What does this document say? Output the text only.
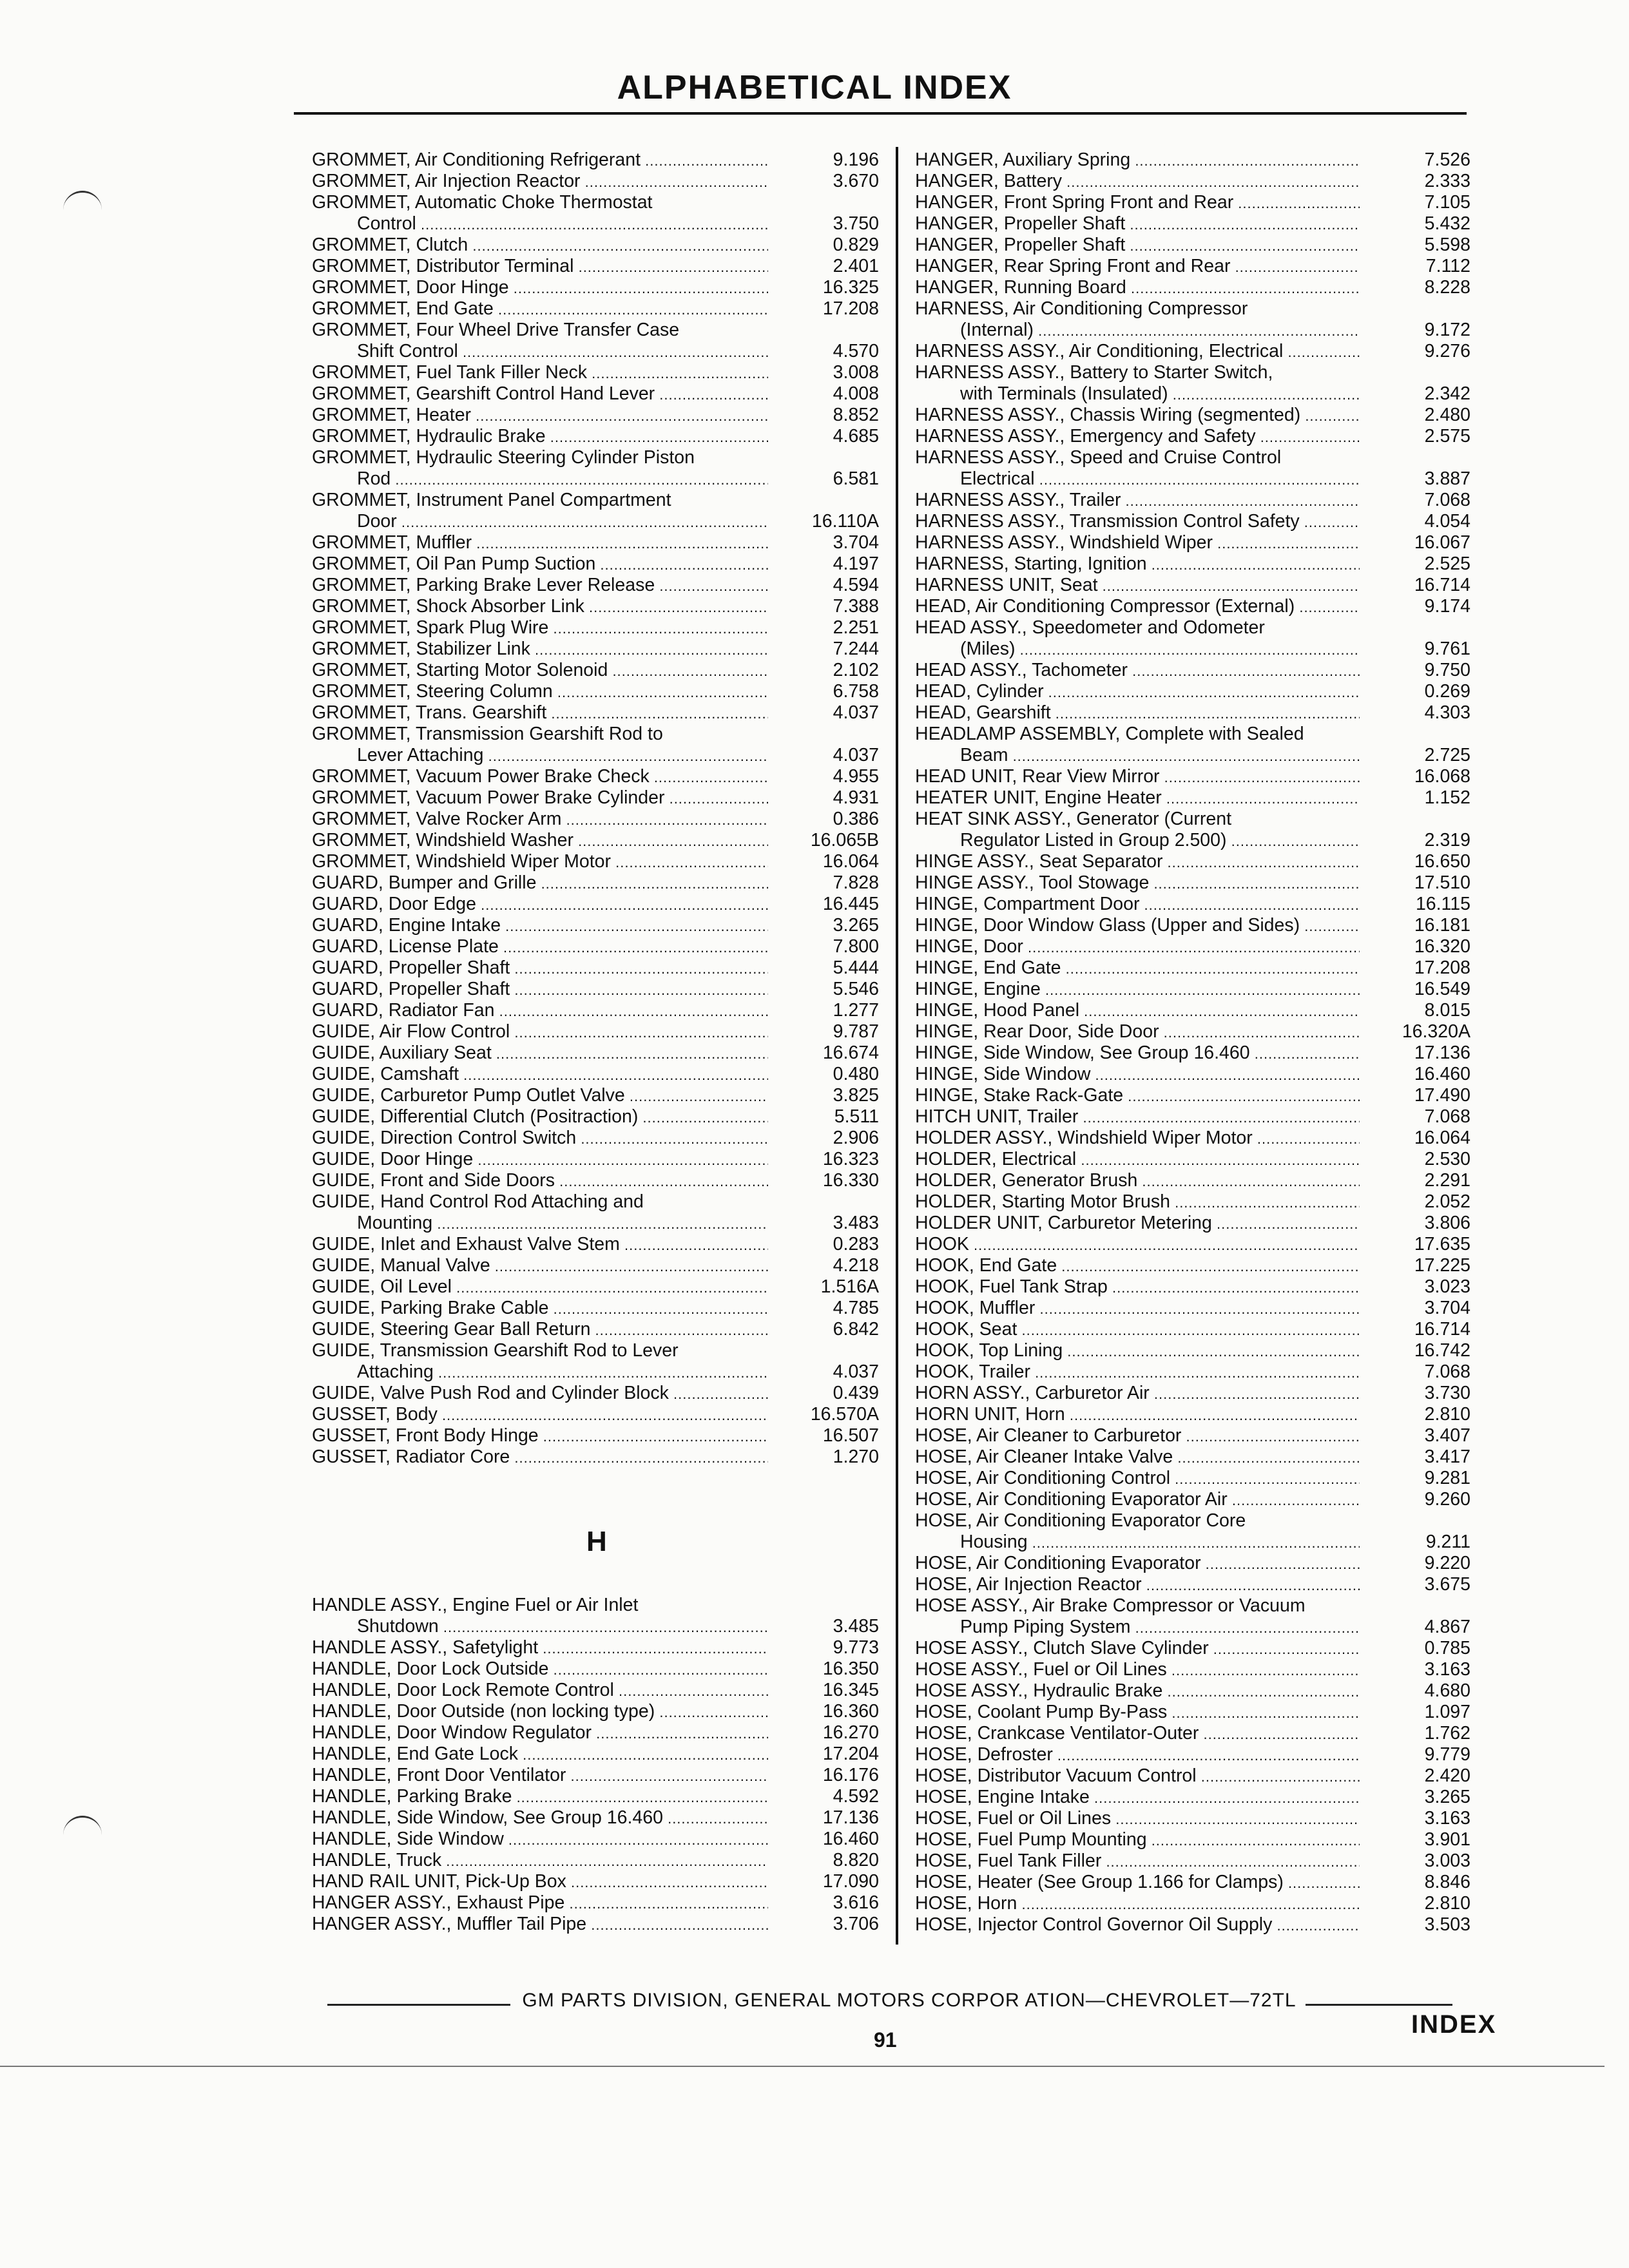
ALPHABETICAL INDEX
GROMMET, Air Conditioning Refrigerant .....	9.196
GROMMET, Air Injection Reactor .....	3.670
GROMMET, Automatic Choke Thermostat
Control .....	3.750
GROMMET, Clutch .....	0.829
GROMMET, Distributor Terminal .....	2.401
GROMMET, Door Hinge .....	16.325
GROMMET, End Gate .....	17.208
GROMMET, Four Wheel Drive Transfer Case
Shift Control .....	4.570
GROMMET, Fuel Tank Filler Neck .....	3.008
GROMMET, Gearshift Control Hand Lever .....	4.008
GROMMET, Heater .....	8.852
GROMMET, Hydraulic Brake .....	4.685
GROMMET, Hydraulic Steering Cylinder Piston
Rod .....	6.581
GROMMET, Instrument Panel Compartment
Door .....	16.110A
GROMMET, Muffler .....	3.704
GROMMET, Oil Pan Pump Suction .....	4.197
GROMMET, Parking Brake Lever Release .....	4.594
GROMMET, Shock Absorber Link .....	7.388
GROMMET, Spark Plug Wire .....	2.251
GROMMET, Stabilizer Link .....	7.244
GROMMET, Starting Motor Solenoid .....	2.102
GROMMET, Steering Column .....	6.758
GROMMET, Trans. Gearshift .....	4.037
GROMMET, Transmission Gearshift Rod to
Lever Attaching .....	4.037
GROMMET, Vacuum Power Brake Check .....	4.955
GROMMET, Vacuum Power Brake Cylinder .....	4.931
GROMMET, Valve Rocker Arm .....	0.386
GROMMET, Windshield Washer .....	16.065B
GROMMET, Windshield Wiper Motor .....	16.064
GUARD, Bumper and Grille .....	7.828
GUARD, Door Edge .....	16.445
GUARD, Engine Intake .....	3.265
GUARD, License Plate .....	7.800
GUARD, Propeller Shaft .....	5.444
GUARD, Propeller Shaft .....	5.546
GUARD, Radiator Fan .....	1.277
GUIDE, Air Flow Control .....	9.787
GUIDE, Auxiliary Seat .....	16.674
GUIDE, Camshaft .....	0.480
GUIDE, Carburetor Pump Outlet Valve .....	3.825
GUIDE, Differential Clutch (Positraction) .....	5.511
GUIDE, Direction Control Switch .....	2.906
GUIDE, Door Hinge .....	16.323
GUIDE, Front and Side Doors .....	16.330
GUIDE, Hand Control Rod Attaching and
Mounting .....	3.483
GUIDE, Inlet and Exhaust Valve Stem .....	0.283
GUIDE, Manual Valve .....	4.218
GUIDE, Oil Level .....	1.516A
GUIDE, Parking Brake Cable .....	4.785
GUIDE, Steering Gear Ball Return .....	6.842
GUIDE, Transmission Gearshift Rod to Lever
Attaching .....	4.037
GUIDE, Valve Push Rod and Cylinder Block .....	0.439
GUSSET, Body .....	16.570A
GUSSET, Front Body Hinge .....	16.507
GUSSET, Radiator Core .....	1.270
H
HANDLE ASSY., Engine Fuel or Air Inlet
Shutdown .....	3.485
HANDLE ASSY., Safetylight .....	9.773
HANDLE, Door Lock Outside .....	16.350
HANDLE, Door Lock Remote Control .....	16.345
HANDLE, Door Outside (non locking type) .....	16.360
HANDLE, Door Window Regulator .....	16.270
HANDLE, End Gate Lock .....	17.204
HANDLE, Front Door Ventilator .....	16.176
HANDLE, Parking Brake .....	4.592
HANDLE, Side Window, See Group 16.460 .....	17.136
HANDLE, Side Window .....	16.460
HANDLE, Truck .....	8.820
HAND RAIL UNIT, Pick-Up Box .....	17.090
HANGER ASSY., Exhaust Pipe .....	3.616
HANGER ASSY., Muffler Tail Pipe .....	3.706
HANGER, Auxiliary Spring .....	7.526
HANGER, Battery .....	2.333
HANGER, Front Spring Front and Rear .....	7.105
HANGER, Propeller Shaft .....	5.432
HANGER, Propeller Shaft .....	5.598
HANGER, Rear Spring Front and Rear .....	7.112
HANGER, Running Board .....	8.228
HARNESS, Air Conditioning Compressor
(Internal) .....	9.172
HARNESS ASSY., Air Conditioning, Electrical .....	9.276
HARNESS ASSY., Battery to Starter Switch,
with Terminals (Insulated) .....	2.342
HARNESS ASSY., Chassis Wiring (segmented) .....	2.480
HARNESS ASSY., Emergency and Safety .....	2.575
HARNESS ASSY., Speed and Cruise Control
Electrical .....	3.887
HARNESS ASSY., Trailer .....	7.068
HARNESS ASSY., Transmission Control Safety .....	4.054
HARNESS ASSY., Windshield Wiper .....	16.067
HARNESS, Starting, Ignition .....	2.525
HARNESS UNIT, Seat .....	16.714
HEAD, Air Conditioning Compressor (External) .....	9.174
HEAD ASSY., Speedometer and Odometer
(Miles) .....	9.761
HEAD ASSY., Tachometer .....	9.750
HEAD, Cylinder .....	0.269
HEAD, Gearshift .....	4.303
HEADLAMP ASSEMBLY, Complete with Sealed
Beam .....	2.725
HEAD UNIT, Rear View Mirror .....	16.068
HEATER UNIT, Engine Heater .....	1.152
HEAT SINK ASSY., Generator (Current
Regulator Listed in Group 2.500) .....	2.319
HINGE ASSY., Seat Separator .....	16.650
HINGE ASSY., Tool Stowage .....	17.510
HINGE, Compartment Door .....	16.115
HINGE, Door Window Glass (Upper and Sides) .....	16.181
HINGE, Door .....	16.320
HINGE, End Gate .....	17.208
HINGE, Engine .....	16.549
HINGE, Hood Panel .....	8.015
HINGE, Rear Door, Side Door .....	16.320A
HINGE, Side Window, See Group 16.460 .....	17.136
HINGE, Side Window .....	16.460
HINGE, Stake Rack-Gate .....	17.490
HITCH UNIT, Trailer .....	7.068
HOLDER ASSY., Windshield Wiper Motor .....	16.064
HOLDER, Electrical .....	2.530
HOLDER, Generator Brush .....	2.291
HOLDER, Starting Motor Brush .....	2.052
HOLDER UNIT, Carburetor Metering .....	3.806
HOOK .....	17.635
HOOK, End Gate .....	17.225
HOOK, Fuel Tank Strap .....	3.023
HOOK, Muffler .....	3.704
HOOK, Seat .....	16.714
HOOK, Top Lining .....	16.742
HOOK, Trailer .....	7.068
HORN ASSY., Carburetor Air .....	3.730
HORN UNIT, Horn .....	2.810
HOSE, Air Cleaner to Carburetor .....	3.407
HOSE, Air Cleaner Intake Valve .....	3.417
HOSE, Air Conditioning Control .....	9.281
HOSE, Air Conditioning Evaporator Air .....	9.260
HOSE, Air Conditioning Evaporator Core
Housing .....	9.211
HOSE, Air Conditioning Evaporator .....	9.220
HOSE, Air Injection Reactor .....	3.675
HOSE ASSY., Air Brake Compressor or Vacuum
Pump Piping System .....	4.867
HOSE ASSY., Clutch Slave Cylinder .....	0.785
HOSE ASSY., Fuel or Oil Lines .....	3.163
HOSE ASSY., Hydraulic Brake .....	4.680
HOSE, Coolant Pump By-Pass .....	1.097
HOSE, Crankcase Ventilator-Outer .....	1.762
HOSE, Defroster .....	9.779
HOSE, Distributor Vacuum Control .....	2.420
HOSE, Engine Intake .....	3.265
HOSE, Fuel or Oil Lines .....	3.163
HOSE, Fuel Pump Mounting .....	3.901
HOSE, Fuel Tank Filler .....	3.003
HOSE, Heater (See Group 1.166 for Clamps) .....	8.846
HOSE, Horn .....	2.810
HOSE, Injector Control Governor Oil Supply .....	3.503
GM PARTS DIVISION, GENERAL MOTORS CORPOR ATION—CHEVROLET—72TL
91
INDEX
